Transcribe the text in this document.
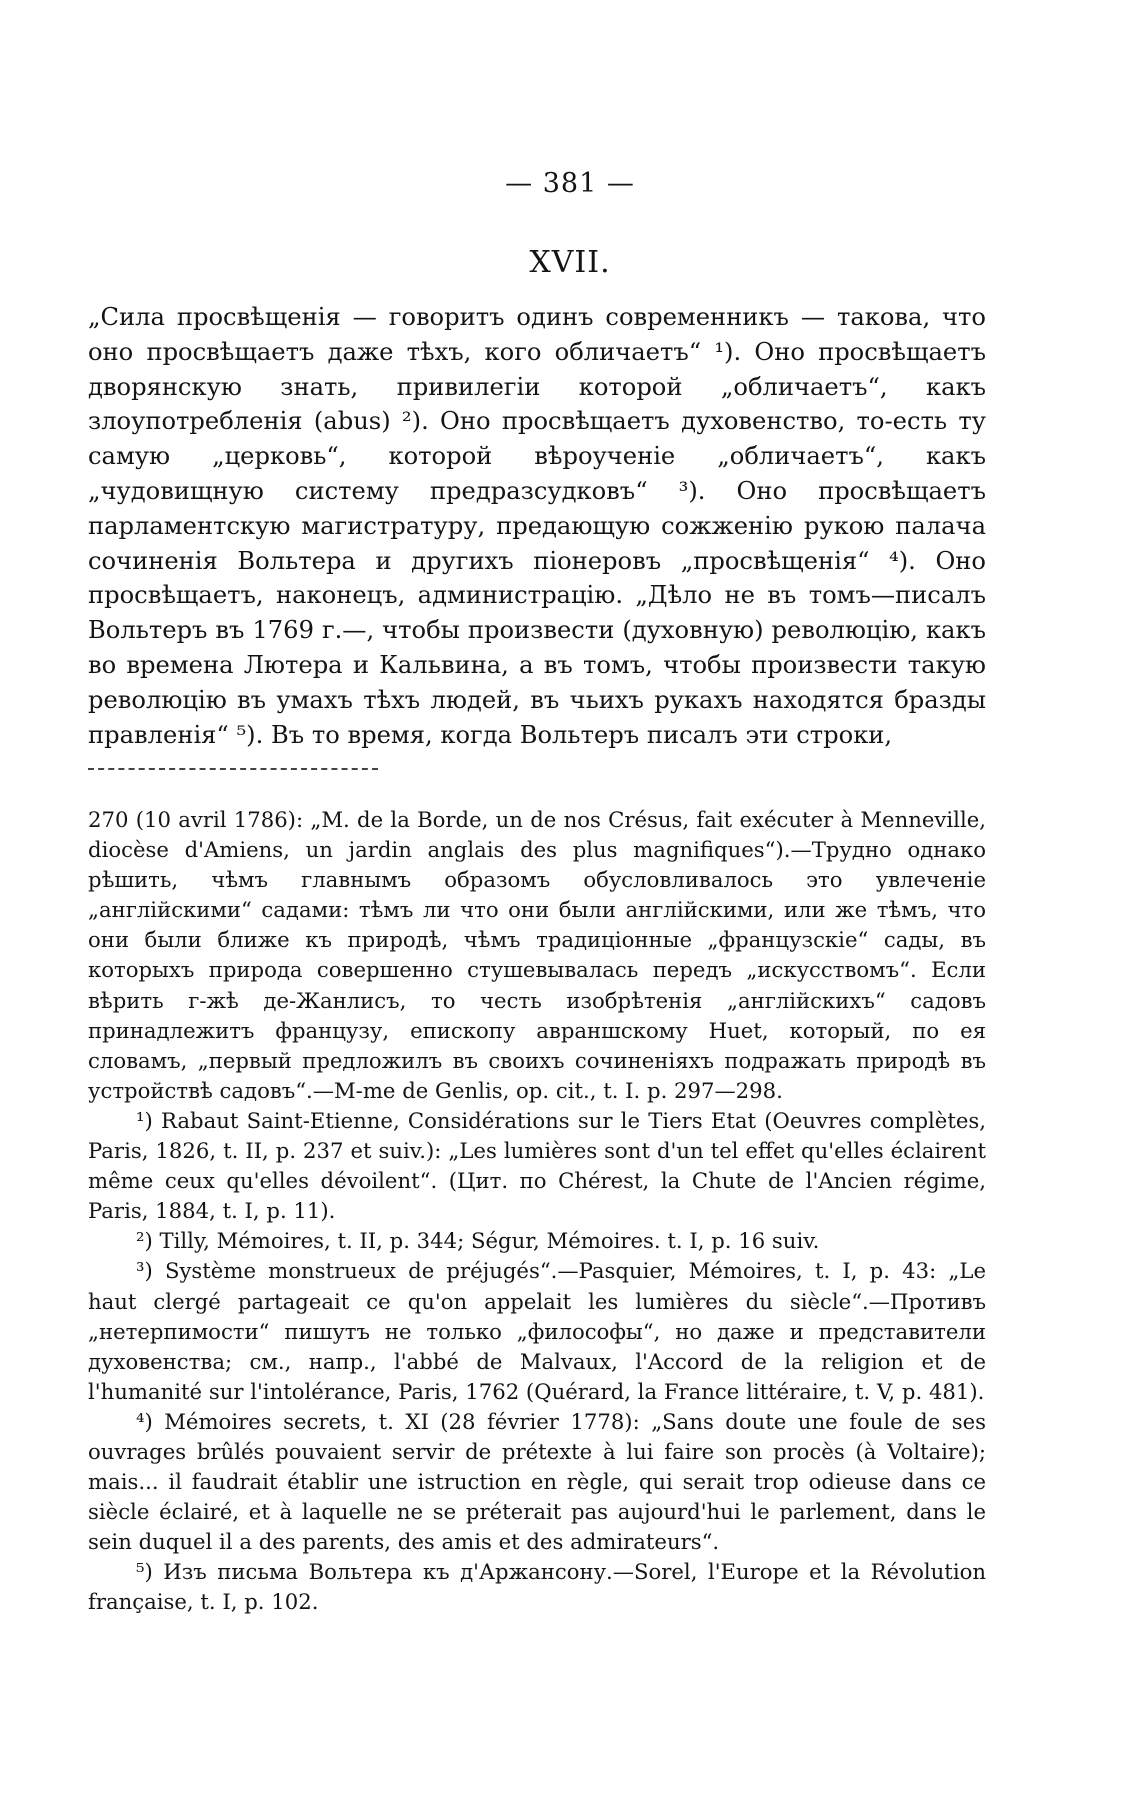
— 381 —
XVII.

„Сила просвѣщенія — говоритъ одинъ современникъ — такова, что оно просвѣщаетъ даже тѣхъ, кого обличаетъ“ ¹). Оно просвѣщаетъ дворянскую знать, привилегіи которой „обличаетъ“, какъ злоупотребленія (abus) ²). Оно просвѣщаетъ духовенство, то-есть ту самую „церковь“, которой вѣроученіе „обличаетъ“, какъ „чудовищную систему предразсудковъ“ ³). Оно просвѣщаетъ парламентскую магистратуру, предающую сожженію рукою палача сочиненія Вольтера и другихъ піонеровъ „просвѣщенія“ ⁴). Оно просвѣщаетъ, наконецъ, администрацію. „Дѣло не въ томъ—писалъ Вольтеръ въ 1769 г.—, чтобы произвести (духовную) революцію, какъ во времена Лютера и Кальвина, а въ томъ, чтобы произвести такую революцію въ умахъ тѣхъ людей, въ чьихъ рукахъ находятся бразды правленія“ ⁵). Въ то время, когда Вольтеръ писалъ эти строки,

270 (10 avril 1786): „M. de la Borde, un de nos Crésus, fait exécuter à Menneville, diocèse d'Amiens, un jardin anglais des plus magnifiques“).—Трудно однако рѣшить, чѣмъ главнымъ образомъ обусловливалось это увлеченіе „англійскими“ садами: тѣмъ ли что они были англійскими, или же тѣмъ, что они были ближе къ природѣ, чѣмъ традиціонные „французскіе“ сады, въ которыхъ природа совершенно стушевывалась передъ „искусствомъ“. Если вѣрить г-жѣ де-Жанлисъ, то честь изобрѣтенія „англійскихъ“ садовъ принадлежитъ французу, епископу авраншскому Huet, который, по ея словамъ, „первый предложилъ въ своихъ сочиненіяхъ подражать природѣ въ устройствѣ садовъ“.—M-me de Genlis, op. cit., t. I. p. 297—298.

¹) Rabaut Saint-Etienne, Considérations sur le Tiers Etat (Oeuvres complètes, Paris, 1826, t. II, p. 237 et suiv.): „Les lumières sont d'un tel effet qu'elles éclairent même ceux qu'elles dévoilent“. (Цит. по Chérest, la Chute de l'Ancien régime, Paris, 1884, t. I, p. 11).

²) Tilly, Mémoires, t. II, p. 344; Ségur, Mémoires. t. I, p. 16 suiv.

³) Système monstrueux de préjugés“.—Pasquier, Mémoires, t. I, p. 43: „Le haut clergé partageait ce qu'on appelait les lumières du siècle“.—Противъ „нетерпимости“ пишутъ не только „философы“, но даже и представители духовенства; см., напр., l'abbé de Malvaux, l'Accord de la religion et de l'humanité sur l'intolérance, Paris, 1762 (Quérard, la France littéraire, t. V, p. 481).

⁴) Mémoires secrets, t. XI (28 février 1778): „Sans doute une foule de ses ouvrages brûlés pouvaient servir de prétexte à lui faire son procès (à Voltaire); mais... il faudrait établir une istruction en règle, qui serait trop odieuse dans ce siècle éclairé, et à laquelle ne se préterait pas aujourd'hui le parlement, dans le sein duquel il a des parents, des amis et des admirateurs“.

⁵) Изъ письма Вольтера къ д'Аржансону.—Sorel, l'Europe et la Révolution française, t. I, p. 102.
